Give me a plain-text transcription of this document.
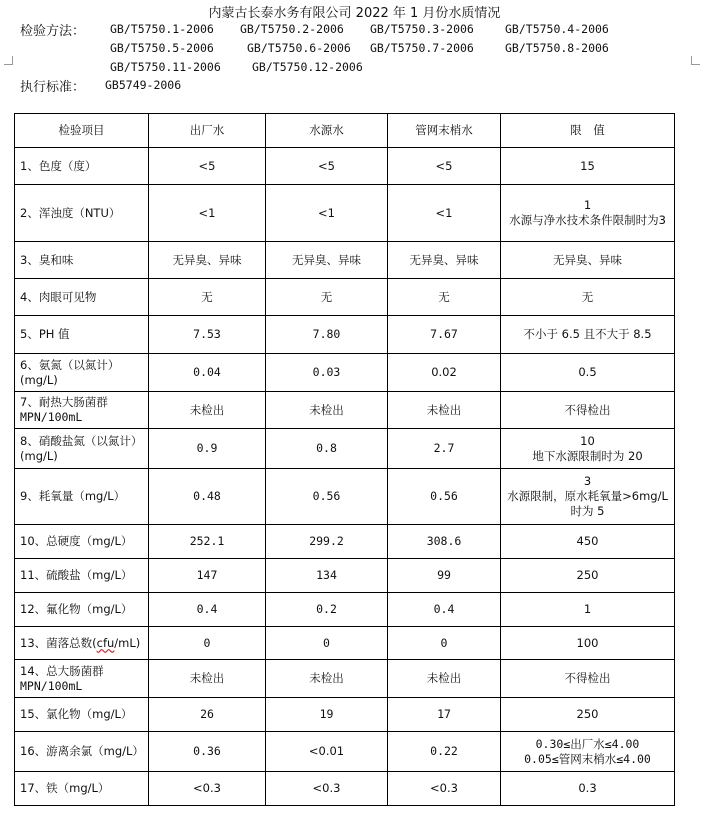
内蒙古长泰水务有限公司 2022 年 1 月份水质情况
检验方法： GB/T5750.1-2006 GB/T5750.2-2006 GB/T5750.3-2006	GB/T5750.4-2006
GB/T5750.5-2006	GB/T5750.6-2006 GB/T5750.7-2006	GB/T5750.8-2006
GB/T5750.11-2006	GB/T5750.12-2006
执行标准： GB5749-2006
检验项目	出厂水	水源水	管网末梢水	限　值
1、色度（度）	<5	<5	<5	15
2、浑浊度（NTU）	<1	<1	<1	1
水源与净水技术条件限制时为3

3、臭和味	无异臭、异味	无异臭、异味	无异臭、异味	无异臭、异味
4、肉眼可见物	无	无	无	无
5、PH 值	7.53	7.80	7.67	不小于 6.5 且不大于 8.5

6、氨氮（以氮计）
(mg/L)	0.04	0.03	0.02	0.5

7、耐热大肠菌群
MPN/100mL	未检出	未检出	未检出	不得检出

8、硝酸盐氮（以氮计）
(mg/L)	0.9	0.8	2.7	10
地下水源限制时为 20

9、耗氧量（mg/L）	0.48	0.56	0.56	3
水源限制，原水耗氧量>6mg/L 时为 5

10、总硬度（mg/L）	252.1	299.2	308.6	450
11、硫酸盐（mg/L）	147	134	99	250
12、氟化物（mg/L）	0.4	0.2	0.4	1
13、菌落总数(cfu/mL)	0	0	0	100

14、总大肠菌群
MPN/100mL	未检出	未检出	未检出	不得检出
15、氯化物（mg/L）	26	19	17	250
16、游离余氯（mg/L）	0.36	<0.01	0.22	0.30≤出厂水≤4.00
0.05≤管网末梢水≤4.00

17、铁（mg/L）	<0.3	<0.3	<0.3	0.3
